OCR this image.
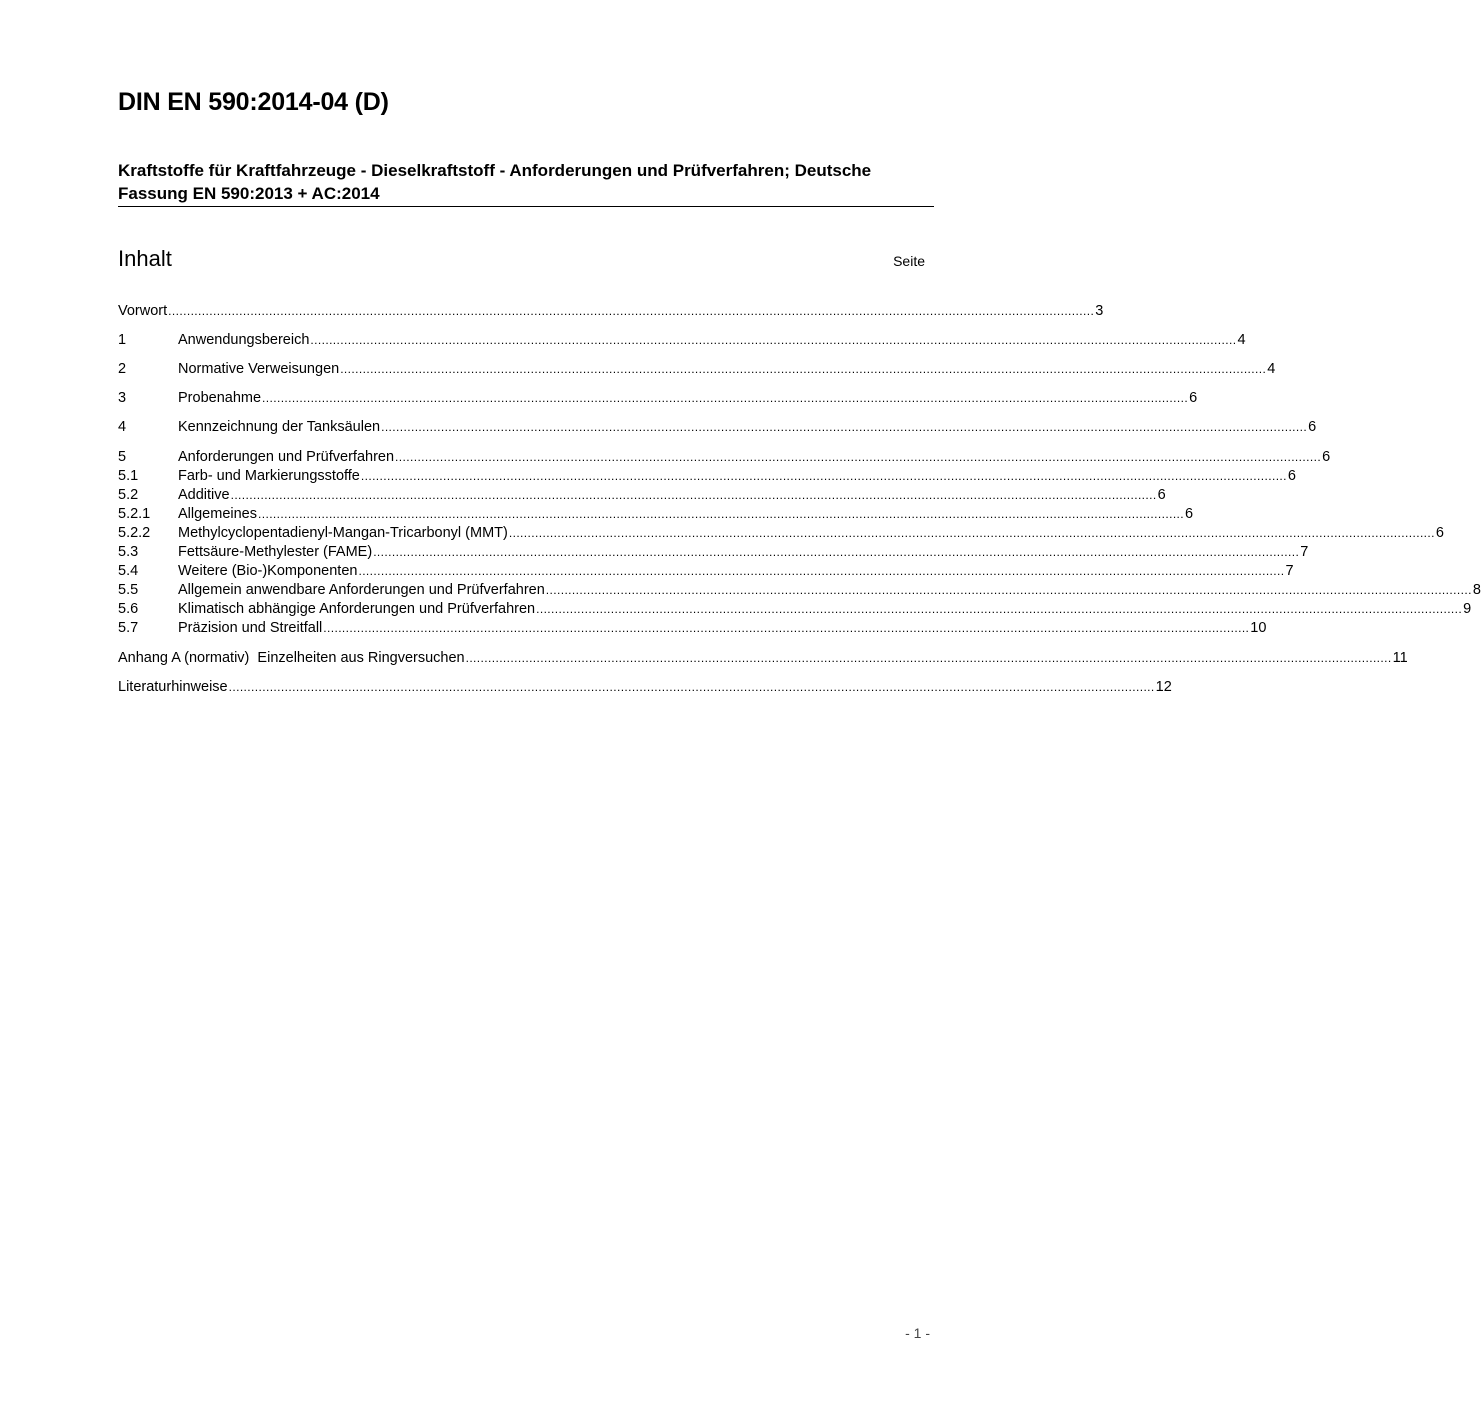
DIN EN 590:2014-04 (D)
Kraftstoffe für Kraftfahrzeuge - Dieselkraftstoff - Anforderungen und Prüfverfahren; Deutsche Fassung EN 590:2013 + AC:2014
Inhalt	Seite
Vorwort ........................................................................................................................................................................................................................................................ 3
1	Anwendungsbereich ........................................................................................................................................................................................................................................................ 4
2	Normative Verweisungen ........................................................................................................................................................................................................................................................ 4
3	Probenahme ........................................................................................................................................................................................................................................................ 6
4	Kennzeichnung der Tanksäulen ........................................................................................................................................................................................................................................................ 6
5	Anforderungen und Prüfverfahren ........................................................................................................................................................................................................................................................ 6
5.1	Farb- und Markierungsstoffe ........................................................................................................................................................................................................................................................ 6
5.2	Additive ........................................................................................................................................................................................................................................................ 6
5.2.1	Allgemeines ........................................................................................................................................................................................................................................................ 6
5.2.2	Methylcyclopentadienyl-Mangan-Tricarbonyl (MMT) ........................................................................................................................................................................................................................................................ 6
5.3	Fettsäure-Methylester (FAME) ........................................................................................................................................................................................................................................................ 7
5.4	Weitere (Bio-)Komponenten ........................................................................................................................................................................................................................................................ 7
5.5	Allgemein anwendbare Anforderungen und Prüfverfahren ........................................................................................................................................................................................................................................................ 8
5.6	Klimatisch abhängige Anforderungen und Prüfverfahren ........................................................................................................................................................................................................................................................ 9
5.7	Präzision und Streitfall ........................................................................................................................................................................................................................................................ 10
Anhang A (normativ)  Einzelheiten aus Ringversuchen ........................................................................................................................................................................................................................................................ 11
Literaturhinweise ........................................................................................................................................................................................................................................................ 12
- 1 -
